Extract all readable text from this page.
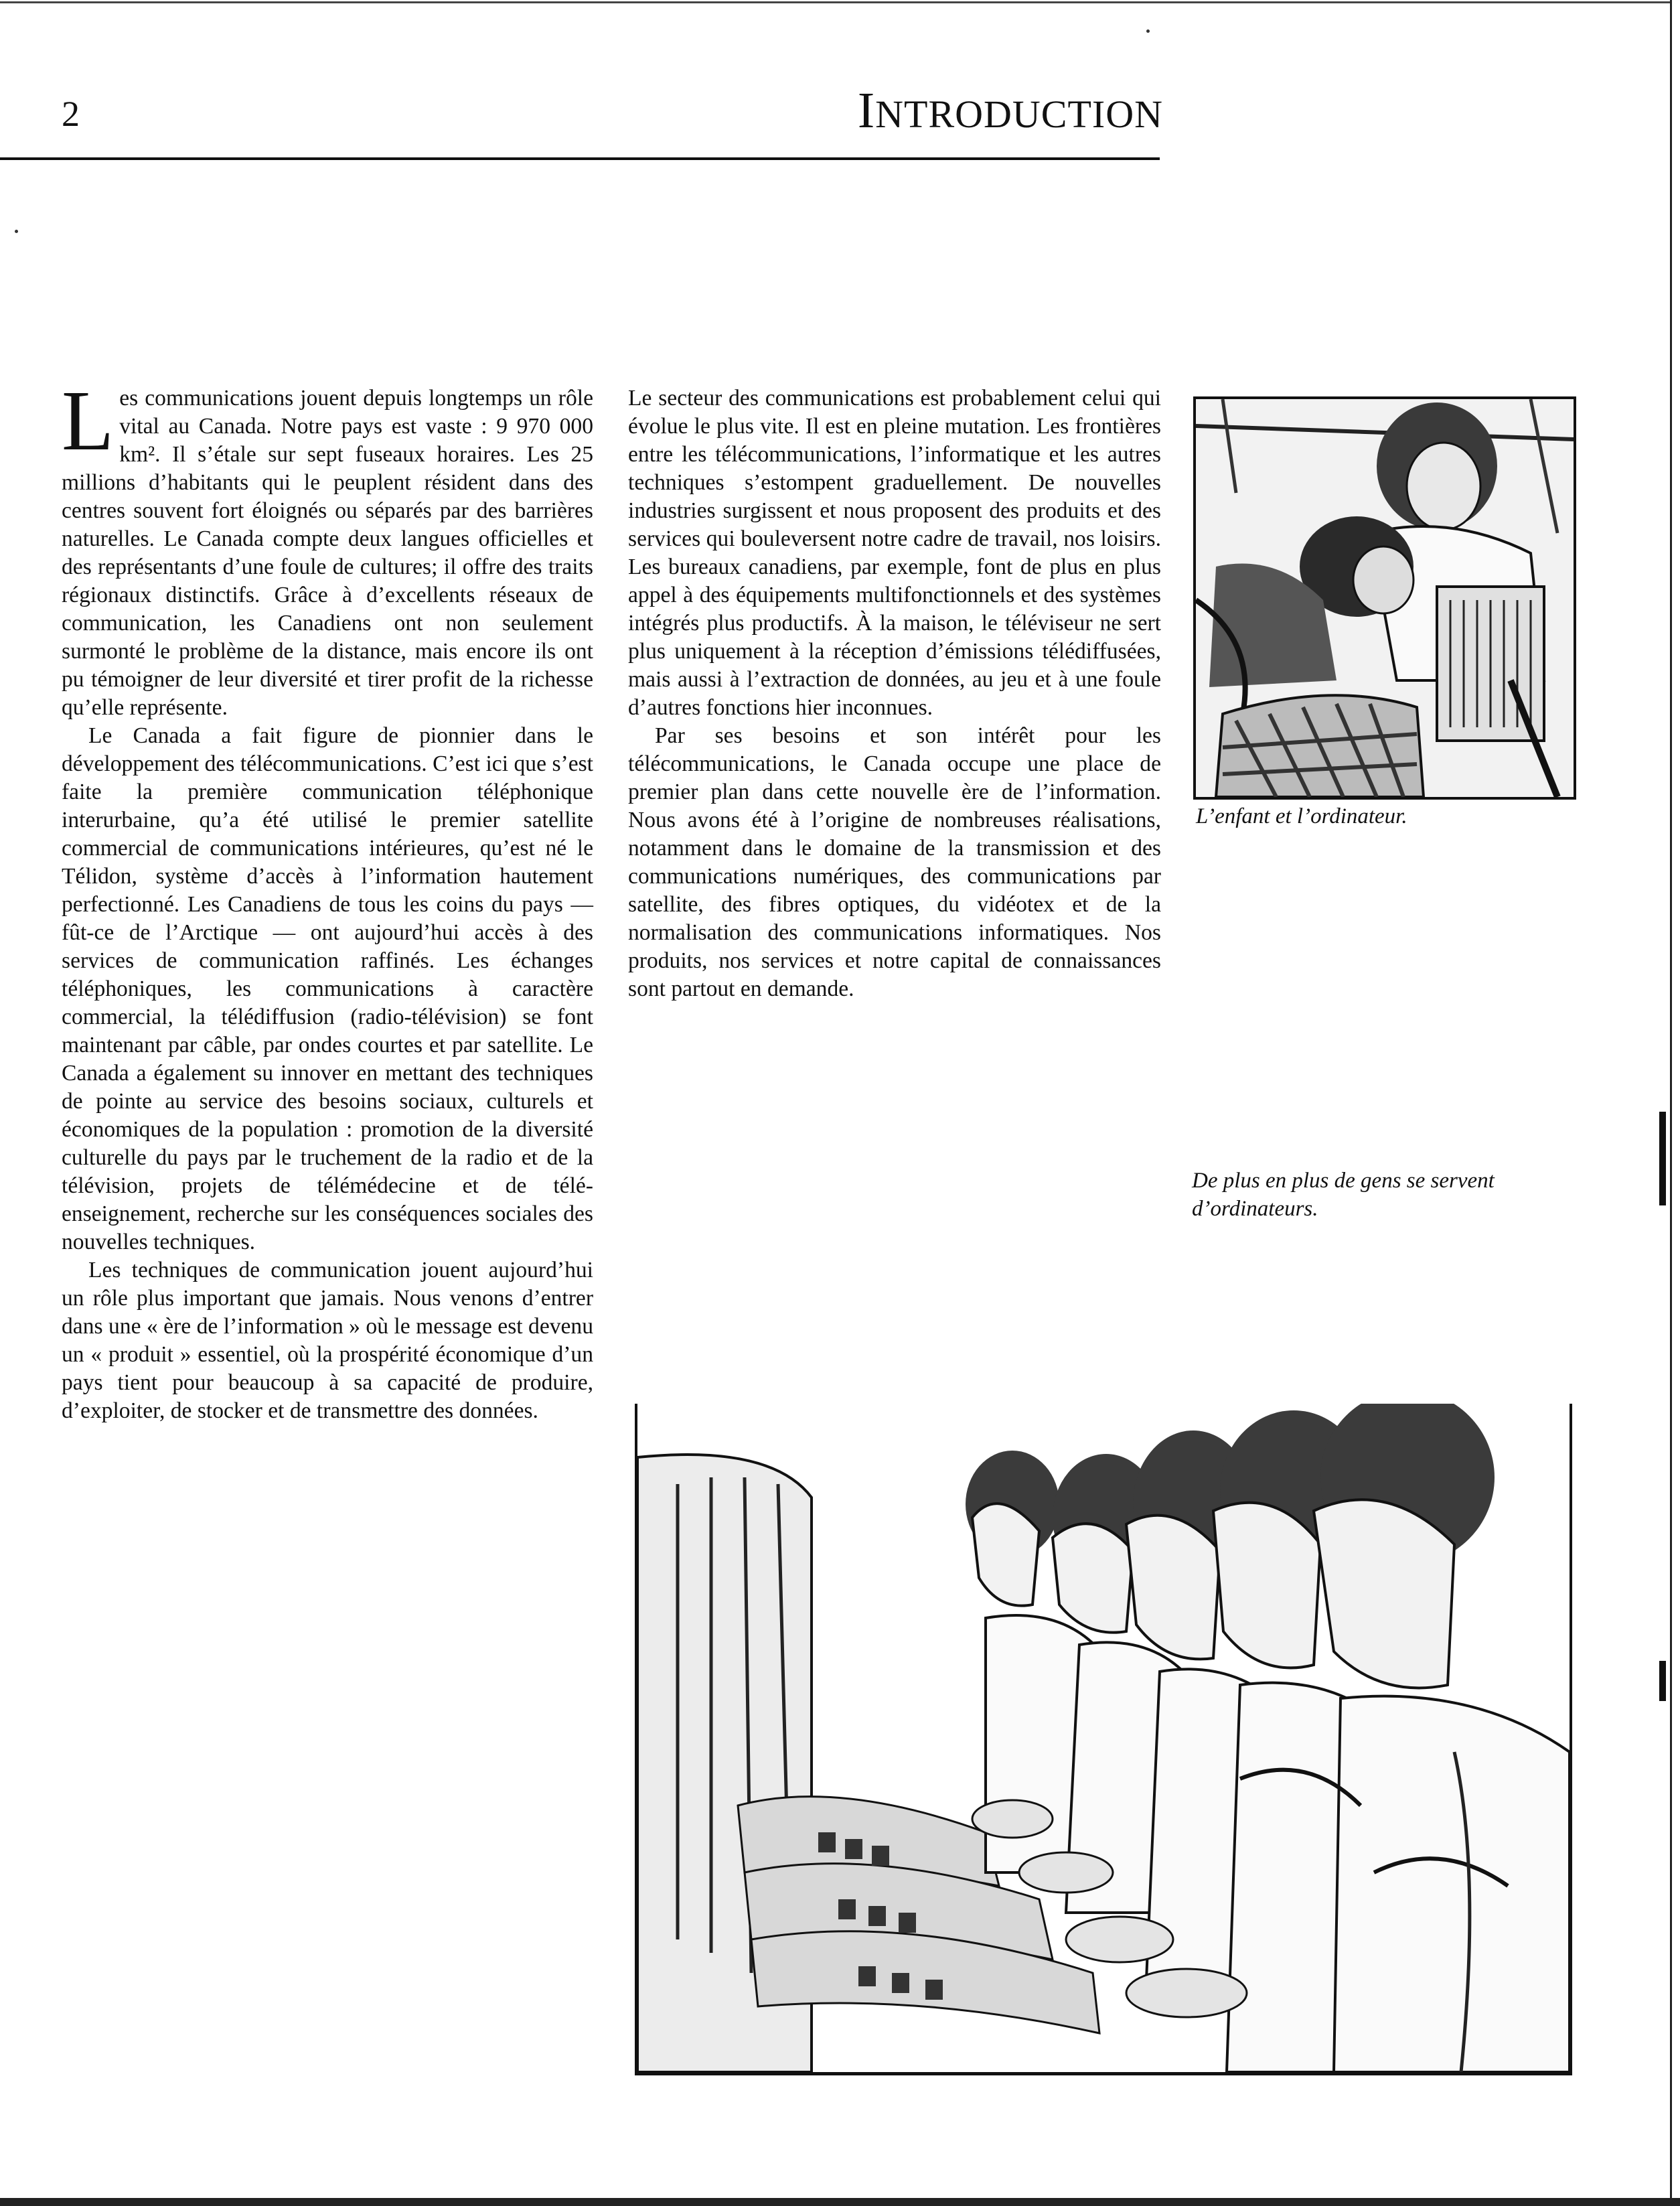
2	INTRODUCTION

Les communications jouent depuis longtemps un rôle vital au Canada. Notre pays est vaste : 9 970 000 km². Il s’étale sur sept fuseaux horaires. Les 25 millions d’habitants qui le peuplent résident dans des centres souvent fort éloignés ou séparés par des barrières naturelles. Le Canada compte deux langues officielles et des représentants d’une foule de cultures; il offre des traits régionaux distinctifs. Grâce à d’excellents réseaux de communication, les Canadiens ont non seulement surmonté le problème de la distance, mais encore ils ont pu témoigner de leur diversité et tirer profit de la richesse qu’elle représente.

Le Canada a fait figure de pionnier dans le développement des télécommunications. C’est ici que s’est faite la première communication téléphonique interurbaine, qu’a été utilisé le premier satellite commercial de communications intérieures, qu’est né le Télidon, système d’accès à l’information hautement perfectionné. Les Canadiens de tous les coins du pays — fût-ce de l’Arctique — ont aujourd’hui accès à des services de communication raffinés. Les échanges téléphoniques, les communications à caractère commercial, la télédiffusion (radio-télévision) se font maintenant par câble, par ondes courtes et par satellite. Le Canada a également su innover en mettant des techniques de pointe au service des besoins sociaux, culturels et économiques de la population : promotion de la diversité culturelle du pays par le truchement de la radio et de la télévision, projets de télémédecine et de télé-enseignement, recherche sur les conséquences sociales des nouvelles techniques.

Les techniques de communication jouent aujourd’hui un rôle plus important que jamais. Nous venons d’entrer dans une « ère de l’information » où le message est devenu un « produit » essentiel, où la prospérité économique d’un pays tient pour beaucoup à sa capacité de produire, d’exploiter, de stocker et de transmettre des données.

Le secteur des communications est probablement celui qui évolue le plus vite. Il est en pleine mutation. Les frontières entre les télécommunications, l’informatique et les autres techniques s’estompent graduellement. De nouvelles industries surgissent et nous proposent des produits et des services qui bouleversent notre cadre de travail, nos loisirs. Les bureaux canadiens, par exemple, font de plus en plus appel à des équipements multifonctionnels et des systèmes intégrés plus productifs. À la maison, le téléviseur ne sert plus uniquement à la réception d’émissions télédiffusées, mais aussi à l’extraction de données, au jeu et à une foule d’autres fonctions hier inconnues.

Par ses besoins et son intérêt pour les télécommunications, le Canada occupe une place de premier plan dans cette nouvelle ère de l’information. Nous avons été à l’origine de nombreuses réalisations, notamment dans le domaine de la transmission et des communications numériques, des communications par satellite, des fibres optiques, du vidéotex et de la normalisation des communications informatiques. Nos produits, nos services et notre capital de connaissances sont partout en demande.

L’enfant et l’ordinateur.
De plus en plus de gens se servent d’ordinateurs.
